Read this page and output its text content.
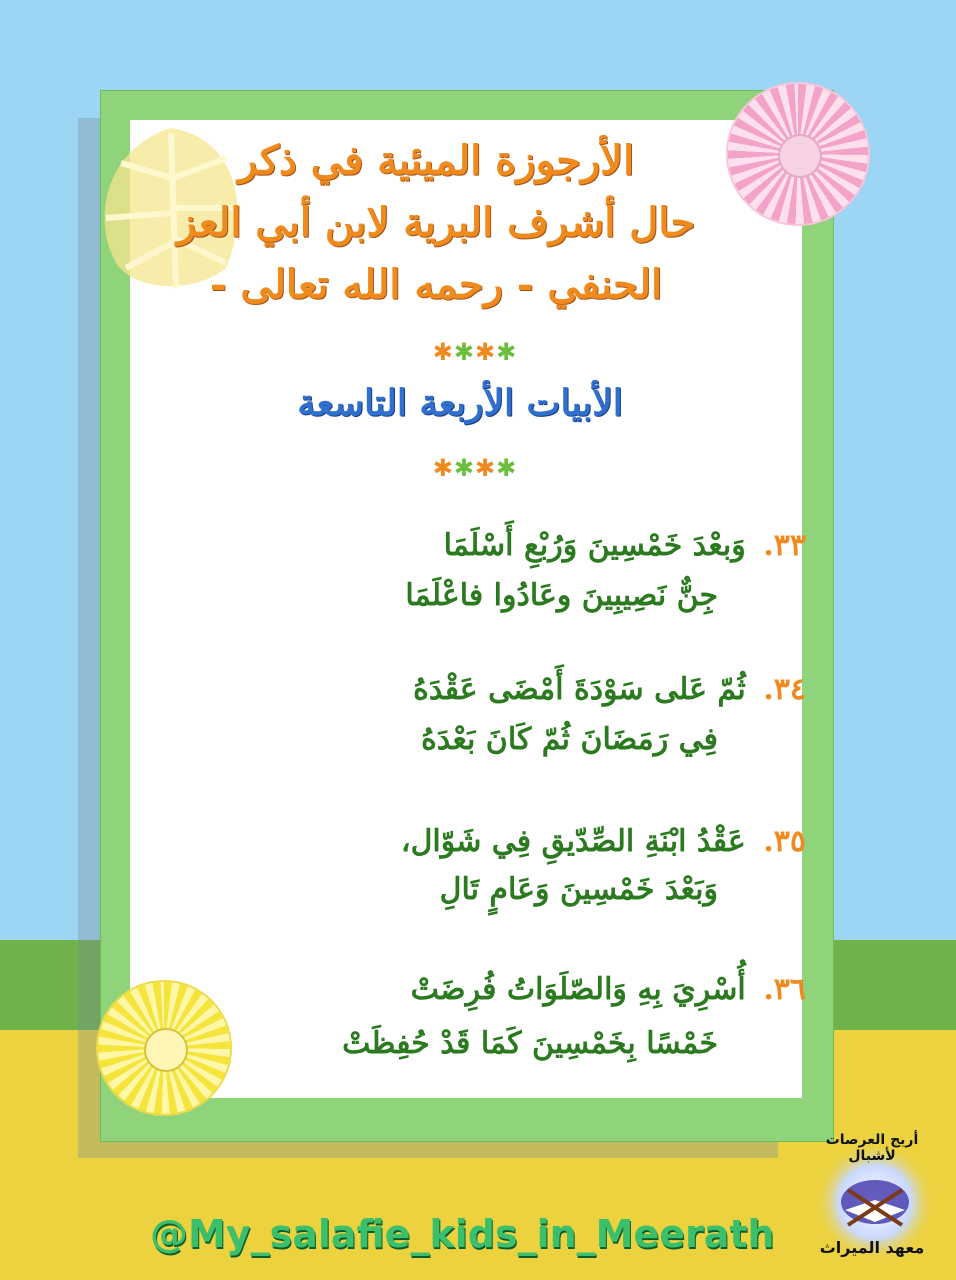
الأرجوزة الميئية في ذكر
حال أشرف البرية لابن أبي العز
الحنفي - رحمه الله تعالى -
✱✱✱✱
الأبيات الأربعة التاسعة
✱✱✱✱
٣٣. وَبعْدَ خَمْسِينَ وَرُبْعِ أَسْلَمَا
جِنٌّ نَصِيبِينَ وعَادُوا فاعْلَمَا
٣٤. ثُمّ عَلى سَوْدَةَ أَمْضَى عَقْدَهُ
فِي رَمَضَانَ ثُمّ كَانَ بَعْدَهُ
٣٥. عَقْدُ ابْنَةِ الصِّدّيقِ فِي شَوّال،
وَبَعْدَ خَمْسِينَ وَعَامٍ تَالِ
٣٦. أُسْرِيَ بِهِ وَالصّلَوَاتُ فُرِضَتْ
خَمْسًا بِخَمْسِينَ كَمَا قَدْ حُفِظَتْ
@My_salafie_kids_in_Meerath
أريج العرصات لأشبال
معهد الميراث
